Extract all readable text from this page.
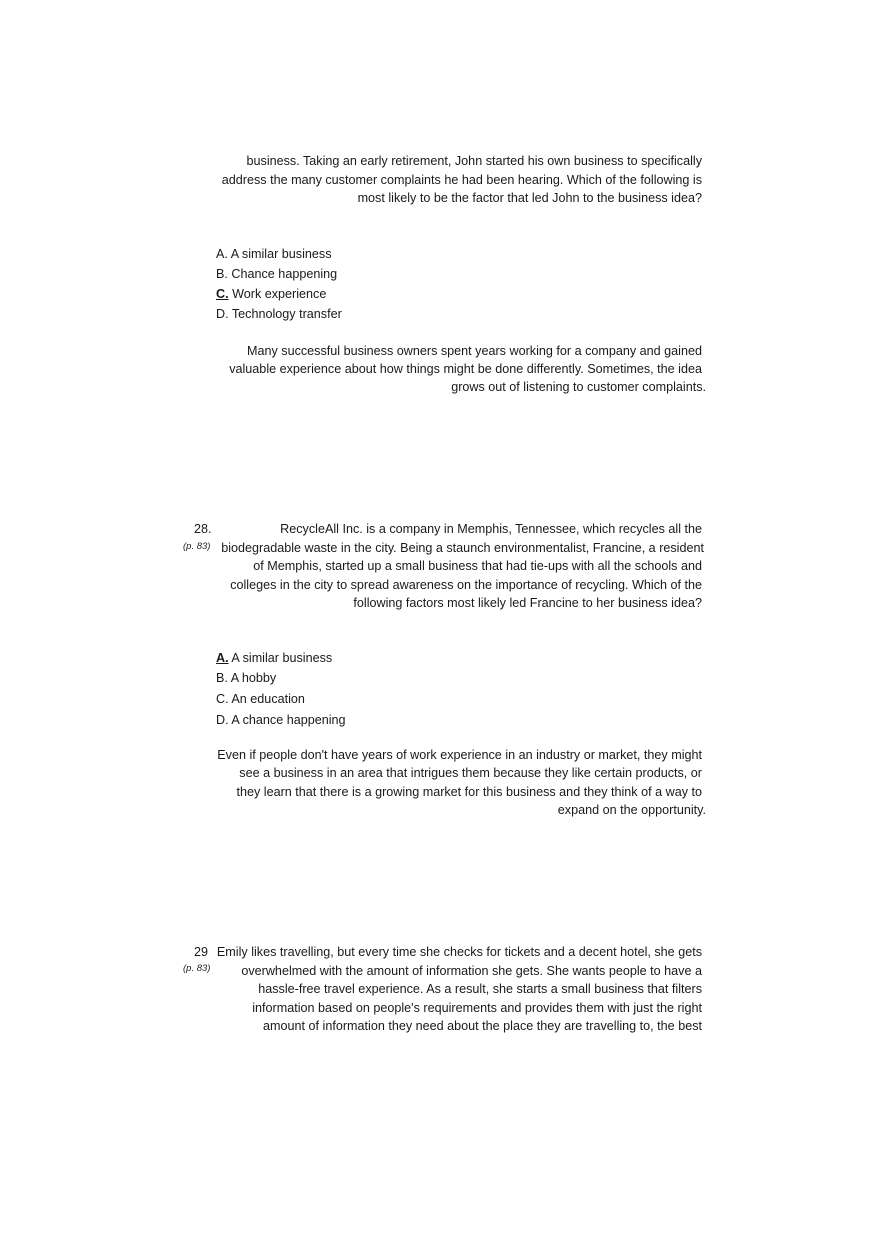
business. Taking an early retirement, John started his own business to specifically
address the many customer complaints he had been hearing. Which of the following is
most likely to be the factor that led John to the business idea?
A. A similar business
B. Chance happening
C. Work experience
D. Technology transfer
Many successful business owners spent years working for a company and gained
valuable experience about how things might be done differently. Sometimes, the idea
grows out of listening to customer complaints.
28.
(p. 83)
RecycleAll Inc. is a company in Memphis, Tennessee, which recycles all the
biodegradable waste in the city. Being a staunch environmentalist, Francine, a resident
of Memphis, started up a small business that had tie-ups with all the schools and
colleges in the city to spread awareness on the importance of recycling. Which of the
following factors most likely led Francine to her business idea?
A. A similar business
B. A hobby
C. An education
D. A chance happening
Even if people don't have years of work experience in an industry or market, they might
see a business in an area that intrigues them because they like certain products, or
they learn that there is a growing market for this business and they think of a way to
expand on the opportunity.
29
(p. 83)
Emily likes travelling, but every time she checks for tickets and a decent hotel, she gets
overwhelmed with the amount of information she gets. She wants people to have a
hassle-free travel experience. As a result, she starts a small business that filters
information based on people's requirements and provides them with just the right
amount of information they need about the place they are travelling to, the best
